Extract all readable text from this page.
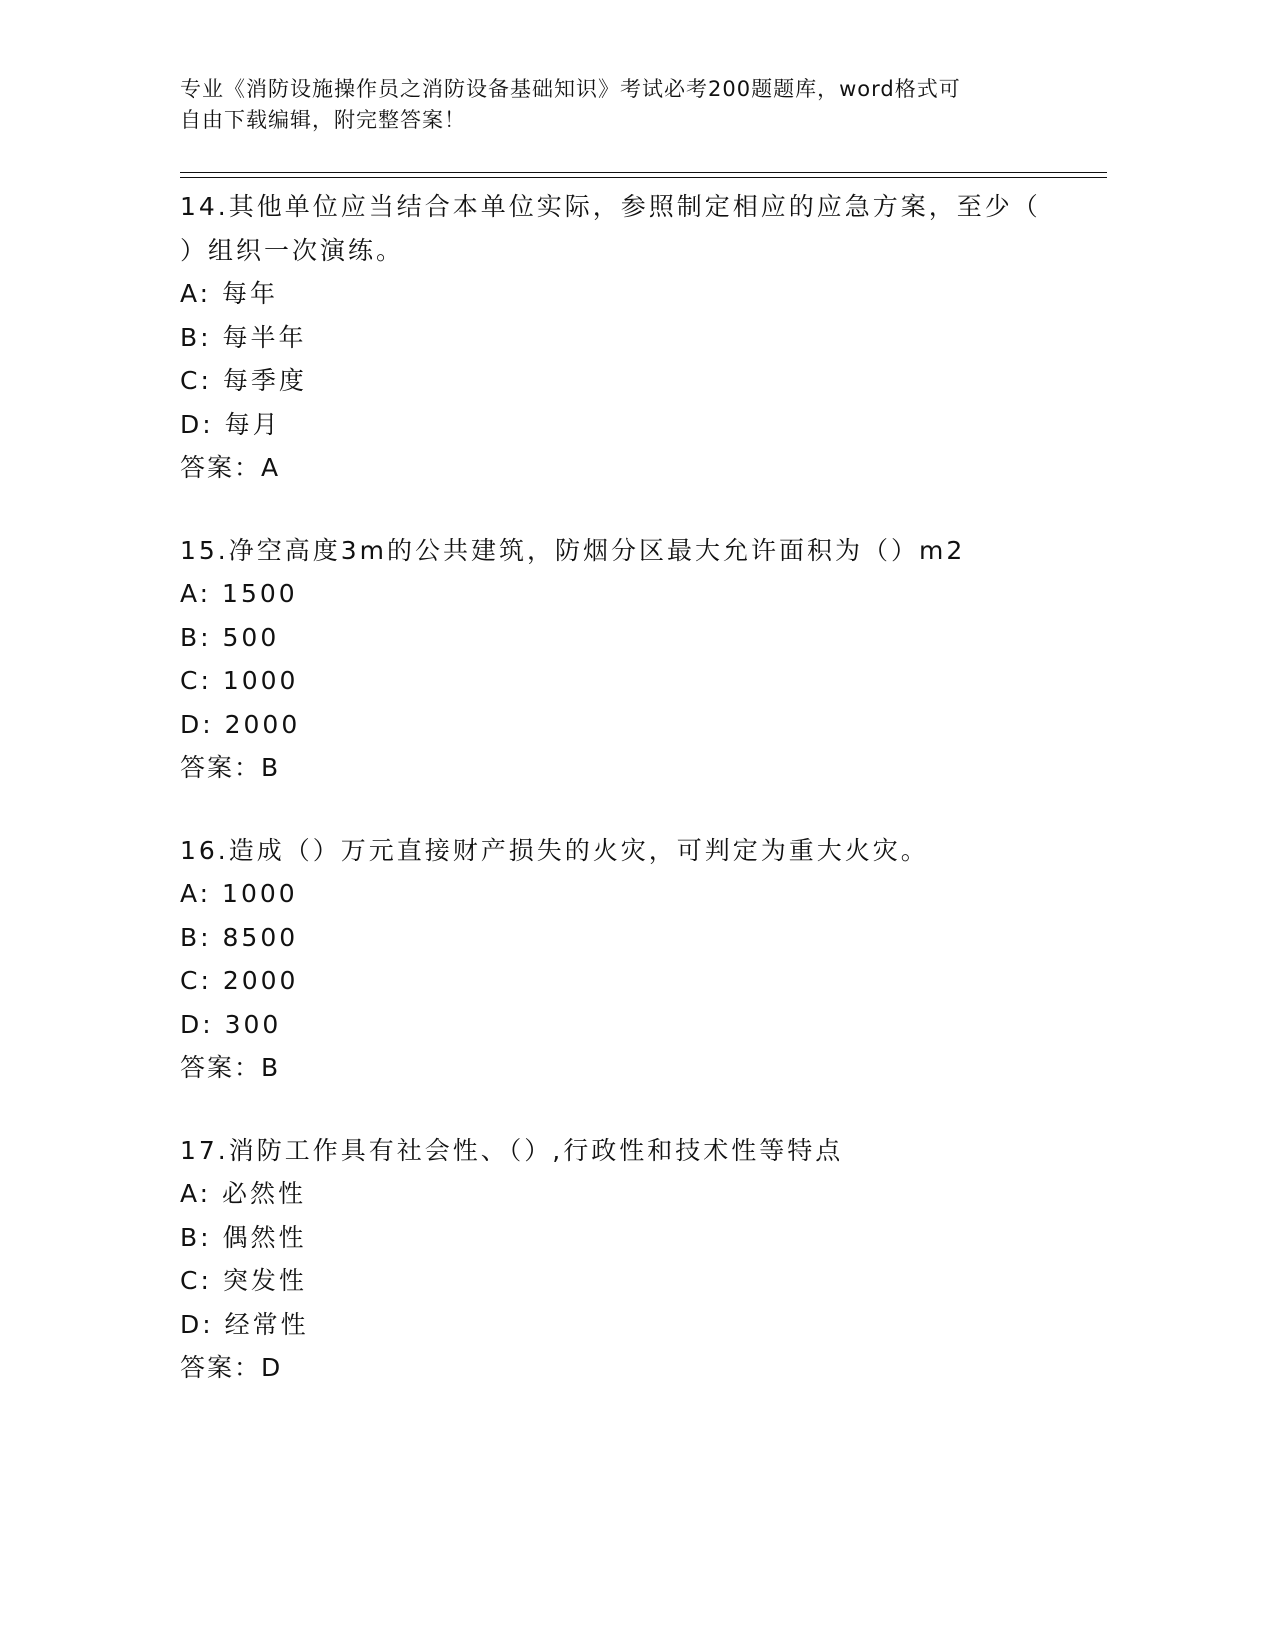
专业《消防设施操作员之消防设备基础知识》考试必考200题题库，word格式可
自由下载编辑，附完整答案！
14.其他单位应当结合本单位实际，参照制定相应的应急方案，至少（
）组织一次演练。
A: 每年
B: 每半年
C: 每季度
D: 每月
答案：A
15.净空高度3m的公共建筑，防烟分区最大允许面积为（）m2
A: 1500
B: 500
C: 1000
D: 2000
答案：B
16.造成（）万元直接财产损失的火灾，可判定为重大火灾。
A: 1000
B: 8500
C: 2000
D: 300
答案：B
17.消防工作具有社会性、（）,行政性和技术性等特点
A: 必然性
B: 偶然性
C: 突发性
D: 经常性
答案：D
